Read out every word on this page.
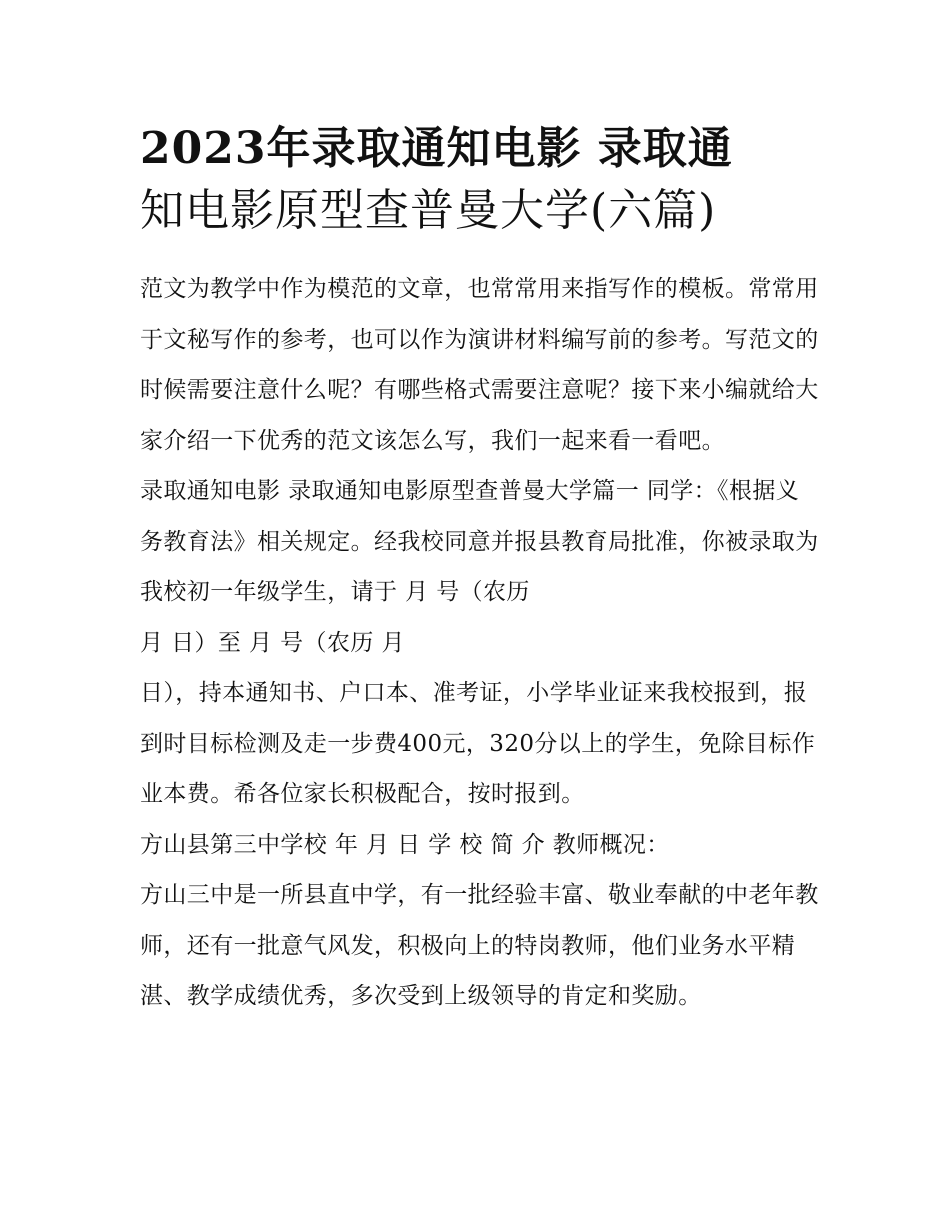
2023年录取通知电影 录取通
知电影原型查普曼大学(六篇)

范文为教学中作为模范的文章，也常常用来指写作的模板。常常用于文秘写作的参考，也可以作为演讲材料编写前的参考。写范文的时候需要注意什么呢？有哪些格式需要注意呢？接下来小编就给大家介绍一下优秀的范文该怎么写，我们一起来看一看吧。

录取通知电影 录取通知电影原型查普曼大学篇一 同学：《根据义务教育法》相关规定。经我校同意并报县教育局批准，你被录取为我校初一年级学生，请于 月 号（农历

月 日）至 月 号（农历 月

日），持本通知书、户口本、准考证，小学毕业证来我校报到，报到时目标检测及走一步费400元，320分以上的学生，免除目标作业本费。希各位家长积极配合，按时报到。

方山县第三中学校 年 月 日 学 校 简 介 教师概况：

方山三中是一所县直中学，有一批经验丰富、敬业奉献的中老年教师，还有一批意气风发，积极向上的特岗教师，他们业务水平精湛、教学成绩优秀，多次受到上级领导的肯定和奖励。
